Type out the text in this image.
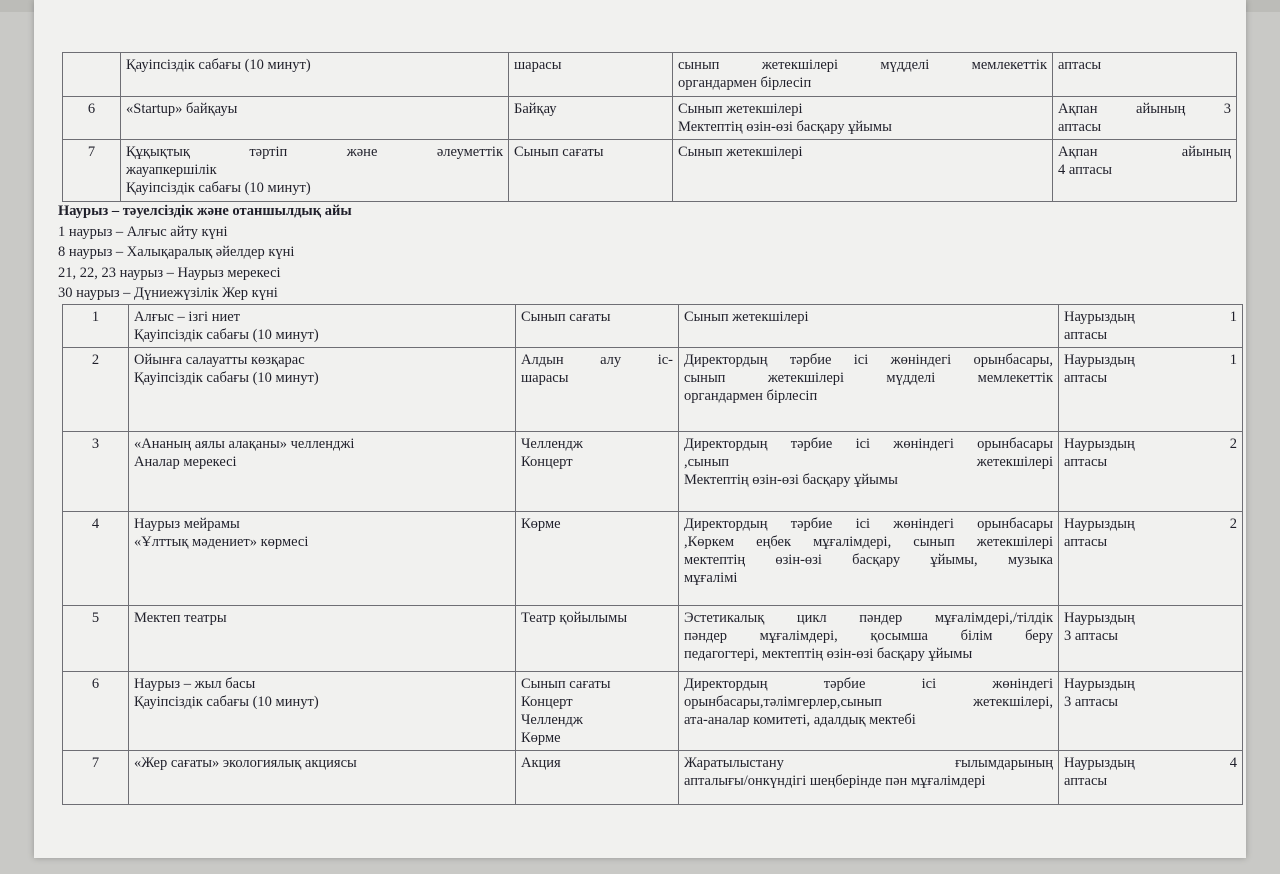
	Қауіпсіздік сабағы (10 минут)	шарасы	сынып жетекшілері мүдделі мемлекеттік
органдармен бірлесіп	аптасы

6	«Startup» байқауы	Байқау	Сынып жетекшілері
Мектептің өзін-өзі басқару ұйымы	Ақпан айының 3
аптасы

7	Құқықтық тәртіп және әлеуметтік
жауапкершілік
Қауіпсіздік сабағы (10 минут)	Сынып сағаты	Сынып жетекшілері	Ақпан айының
4 аптасы
Наурыз – тәуелсіздік және отаншылдық айы
1 наурыз – Алғыс айту күні
8 наурыз – Халықаралық әйелдер күні
21, 22, 23 наурыз – Наурыз мерекесі
30 наурыз – Дүниежүзілік Жер күні
1	Алғыс – ізгі ниет
Қауіпсіздік сабағы (10 минут)	Сынып сағаты	Сынып жетекшілері	Наурыздың 1
аптасы

2	Ойынға салауатты көзқарас
Қауіпсіздік сабағы (10 минут)	Алдын алу іс-
шарасы	Директордың тәрбие ісі жөніндегі орынбасары,
сынып жетекшілері мүдделі мемлекеттік
органдармен бірлесіп	Наурыздың 1
аптасы

3	«Ананың аялы алақаны» челленджі
Аналар мерекесі	Челлендж
Концерт	Директордың тәрбие ісі жөніндегі орынбасары
,сынып жетекшілері
Мектептің өзін-өзі басқару ұйымы	Наурыздың 2
аптасы

4	Наурыз мейрамы
«Ұлттық мәдениет» көрмесі	Көрме	Директордың тәрбие ісі жөніндегі орынбасары
,Көркем еңбек мұғалімдері, сынып жетекшілері
мектептің өзін-өзі басқару ұйымы, музыка
мұғалімі	Наурыздың 2
аптасы

5	Мектеп театры	Театр қойылымы	Эстетикалық цикл пәндер мұғалімдері,/тілдік
пәндер мұғалімдері, қосымша білім беру
педагогтері, мектептің өзін-өзі басқару ұйымы	Наурыздың
3 аптасы

6	Наурыз – жыл басы
Қауіпсіздік сабағы (10 минут)	Сынып сағаты
Концерт
Челлендж
Көрме	Директордың тәрбие ісі жөніндегі
орынбасары,тәлімгерлер,сынып жетекшілері,
ата-аналар комитеті, адалдық мектебі	Наурыздың
3 аптасы

7	«Жер сағаты» экологиялық акциясы	Акция	Жаратылыстану ғылымдарының
апталығы/онкүндігі шеңберінде пән мұғалімдері	Наурыздың 4
аптасы
